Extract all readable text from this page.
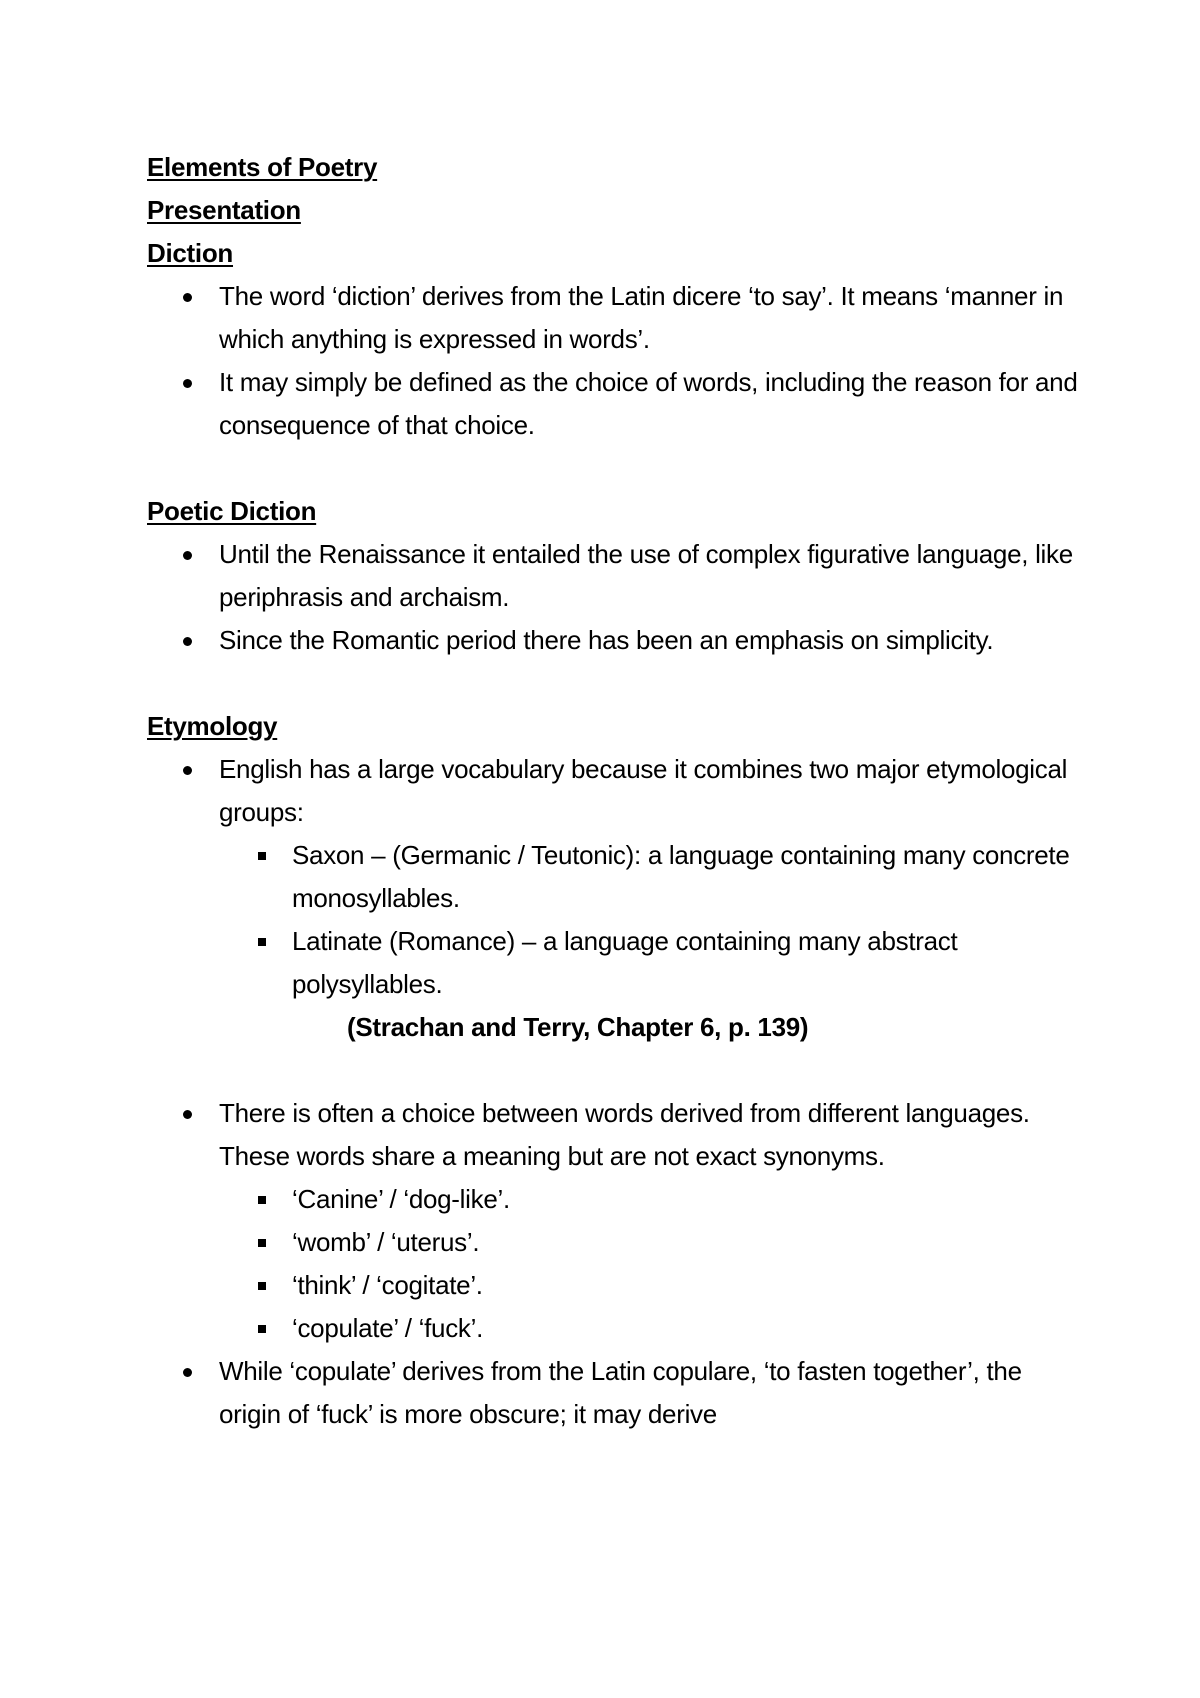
Elements of Poetry

Presentation

Diction

The word ‘diction’ derives from the Latin dicere ‘to say’. It means ‘manner in which anything is expressed in words’.
It may simply be defined as the choice of words, including the reason for and consequence of that choice.

Poetic Diction

Until the Renaissance it entailed the use of complex figurative language, like periphrasis and archaism.
Since the Romantic period there has been an emphasis on simplicity.

Etymology

English has a large vocabulary because it combines two major etymological groups:
Saxon – (Germanic / Teutonic): a language containing many concrete monosyllables.
Latinate (Romance) – a language containing many abstract polysyllables.

(Strachan and Terry, Chapter 6, p. 139)

There is often a choice between words derived from different languages. These words share a meaning but are not exact synonyms.
‘Canine’ / ‘dog-like’.
‘womb’ / ‘uterus’.
‘think’ / ‘cogitate’.
‘copulate’ / ‘fuck’.
While ‘copulate’ derives from the Latin copulare, ‘to fasten together’, the origin of ‘fuck’ is more obscure; it may derive
